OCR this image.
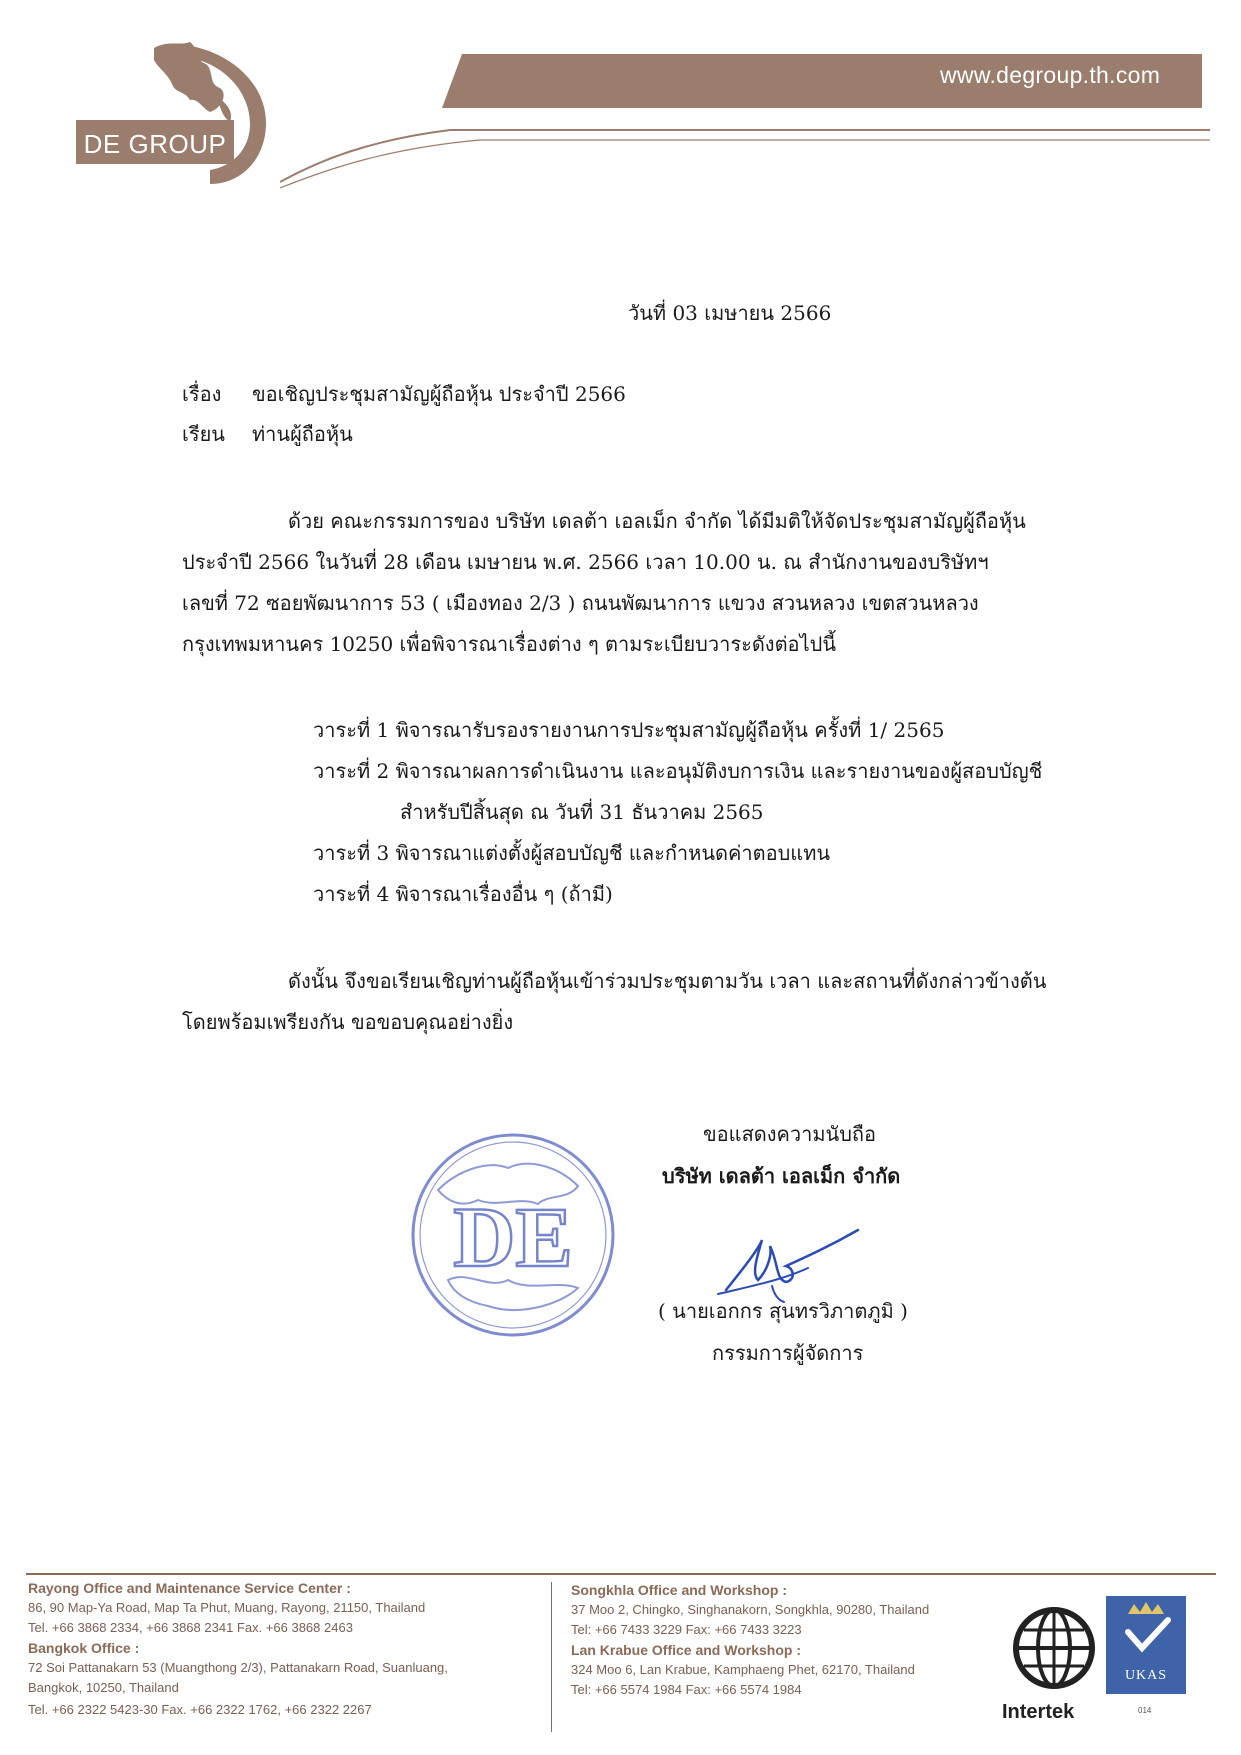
DE GROUP
www.degroup.th.com
วันที่ 03 เมษายน 2566
เรื่อง ขอเชิญประชุมสามัญผู้ถือหุ้น ประจำปี 2566
เรียน ท่านผู้ถือหุ้น
ด้วย คณะกรรมการของ บริษัท เดลต้า เอลเม็ก จำกัด ได้มีมติให้จัดประชุมสามัญผู้ถือหุ้น
ประจำปี 2566 ในวันที่ 28 เดือน เมษายน พ.ศ. 2566 เวลา 10.00 น. ณ สำนักงานของบริษัทฯ
เลขที่ 72 ซอยพัฒนาการ 53 ( เมืองทอง 2/3 ) ถนนพัฒนาการ แขวง สวนหลวง เขตสวนหลวง
กรุงเทพมหานคร 10250 เพื่อพิจารณาเรื่องต่าง ๆ ตามระเบียบวาระดังต่อไปนี้
วาระที่ 1 พิจารณารับรองรายงานการประชุมสามัญผู้ถือหุ้น ครั้งที่ 1/ 2565
วาระที่ 2 พิจารณาผลการดำเนินงาน และอนุมัติงบการเงิน และรายงานของผู้สอบบัญชี
สำหรับปีสิ้นสุด ณ วันที่ 31 ธันวาคม 2565
วาระที่ 3 พิจารณาแต่งตั้งผู้สอบบัญชี และกำหนดค่าตอบแทน
วาระที่ 4 พิจารณาเรื่องอื่น ๆ (ถ้ามี)
ดังนั้น จึงขอเรียนเชิญท่านผู้ถือหุ้นเข้าร่วมประชุมตามวัน เวลา และสถานที่ดังกล่าวข้างต้น
โดยพร้อมเพรียงกัน ขอขอบคุณอย่างยิ่ง
DE
ขอแสดงความนับถือ
บริษัท เดลต้า เอลเม็ก จำกัด
( นายเอกกร สุนทรวิภาตภูมิ )
กรรมการผู้จัดการ
Rayong Office and Maintenance Service Center :
86, 90 Map-Ya Road, Map Ta Phut, Muang, Rayong, 21150, Thailand
Tel. +66 3868 2334, +66 3868 2341 Fax. +66 3868 2463
Bangkok Office :
72 Soi Pattanakarn 53 (Muangthong 2/3), Pattanakarn Road, Suanluang,
Bangkok, 10250, Thailand
Tel. +66 2322 5423-30 Fax. +66 2322 1762, +66 2322 2267
Songkhla Office and Workshop :
37 Moo 2, Chingko, Singhanakorn, Songkhla, 90280, Thailand
Tel: +66 7433 3229 Fax: +66 7433 3223
Lan Krabue Office and Workshop :
324 Moo 6, Lan Krabue, Kamphaeng Phet, 62170, Thailand
Tel: +66 5574 1984 Fax: +66 5574 1984
Intertek
UKAS
014
